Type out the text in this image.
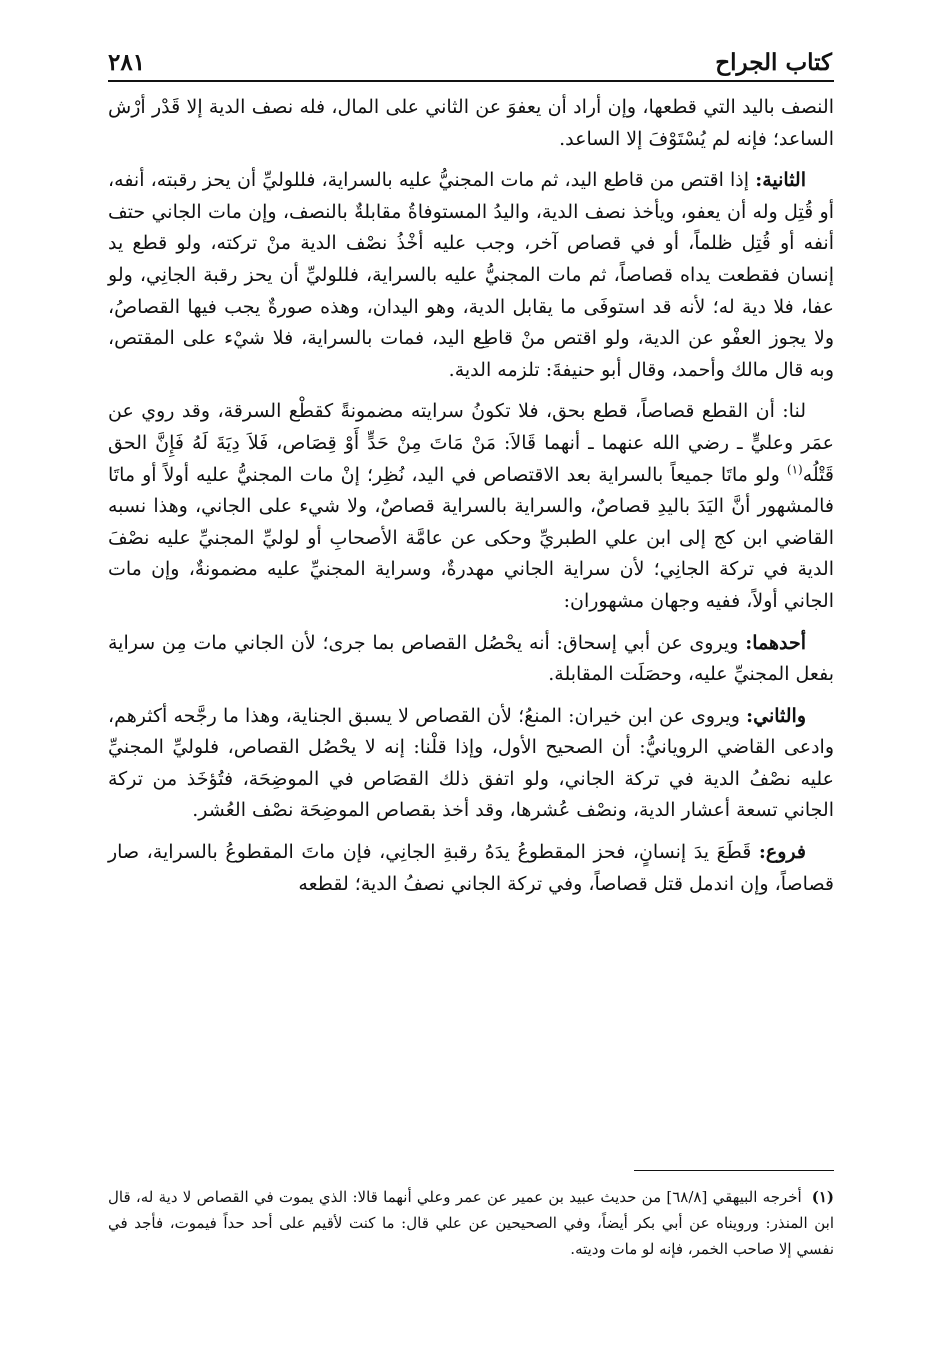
كتاب الجراح
٢٨١

النصف باليد التي قطعها، وإن أراد أن يعفوَ عن الثاني على المال، فله نصف الدية إلا قَدْر أرْش الساعد؛ فإنه لم يُسْتَوْفَ إلا الساعد.

الثانية: إذا اقتص من قاطع اليد، ثم مات المجنيُّ عليه بالسراية، فللوليِّ أن يحز رقبته، أنفه، أو قُتِل وله أن يعفو، ويأخذ نصف الدية، واليدُ المستوفاةُ مقابلةٌ بالنصف، وإن مات الجاني حتف أنفه أو قُتِل ظلماً، أو في قصاص آخر، وجب عليه أخْذُ نصْف الدية منْ تركته، ولو قطع يد إنسان فقطعت يداه قصاصاً، ثم مات المجنيُّ عليه بالسراية، فللوليِّ أن يحز رقبة الجانِي، ولو عفا، فلا دية له؛ لأنه قد استوفَى ما يقابل الدية، وهو اليدان، وهذه صورةٌ يجب فيها القصاصُ، ولا يجوز العفْو عن الدية، ولو اقتص منْ قاطِع اليد، فمات بالسراية، فلا شيْء على المقتص، وبه قال مالك وأحمد، وقال أبو حنيفةَ: تلزمه الدية.

لنا: أن القطع قصاصاً، قطع بحق، فلا تكونُ سرايته مضمونةً كقطْع السرقة، وقد روي عن عمَر وعليٍّ ـ رضي الله عنهما ـ أنهما قَالاَ: مَنْ مَاتَ مِنْ حَدٍّ أَوْ قِصَاص، فَلاَ دِيَةَ لَهُ فَإِنَّ الحق قَتْلُه$^{(١)}$ ولو ماتَا جميعاً بالسراية بعد الاقتصاص في اليد، نُظِر؛ إنْ مات المجنيُّ عليه أولاً أو ماتَا فالمشهور أنَّ اليَدَ باليدِ قصاصٌ، والسراية بالسراية قصاصٌ، ولا شيء على الجاني، وهذا نسبه القاضي ابن كج إلى ابن علي الطبريِّ وحكى عن عامَّة الأصحابِ أو لوليِّ المجنيِّ عليه نصْفَ الدية في تركة الجانِي؛ لأن سراية الجاني مهدرةٌ، وسراية المجنيِّ عليه مضمونةٌ، وإن مات الجاني أولاً، ففيه وجهان مشهوران:

أحدهما: ويروى عن أبي إسحاق: أنه يحْصُل القصاص بما جرى؛ لأن الجاني مات مِن سراية بفعل المجنيِّ عليه، وحصَلَت المقابلة.

والثاني: ويروى عن ابن خيران: المنعُ؛ لأن القصاص لا يسبق الجناية، وهذا ما رجَّحه أكثرهم، وادعى القاضي الرويانيُّ: أن الصحيح الأول، وإذا قلْنا: إنه لا يحْصُل القصاص، فلوليِّ المجنيِّ عليه نصْفُ الدية في تركة الجاني، ولو اتفق ذلك القصَاص في الموضِحَة، فتُؤخَذ من تركة الجاني تسعة أعشار الدية، ونصْف عُشرها، وقد أخذ بقصاص الموضِحَة نصْف العُشر.

فروع: قَطَعَ يدَ إنسانٍ، فحز المقطوعُ يدَهُ رقبةِ الجانِي، فإن ماتَ المقطوعُ بالسراية، صار قصاصاً، وإن اندمل قتل قصاصاً، وفي تركة الجاني نصفُ الدية؛ لقطعه

(١)أخرجه البيهقي [٦٨/٨] من حديث عبيد بن عمير عن عمر وعلي أنهما قالا: الذي يموت في القصاص لا دية له، قال ابن المنذر: ورويناه عن أبي بكر أيضاً، وفي الصحيحين عن علي قال: ما كنت لأقيم على أحد حداً فيموت، فأجد في نفسي إلا صاحب الخمر، فإنه لو مات وديته.
